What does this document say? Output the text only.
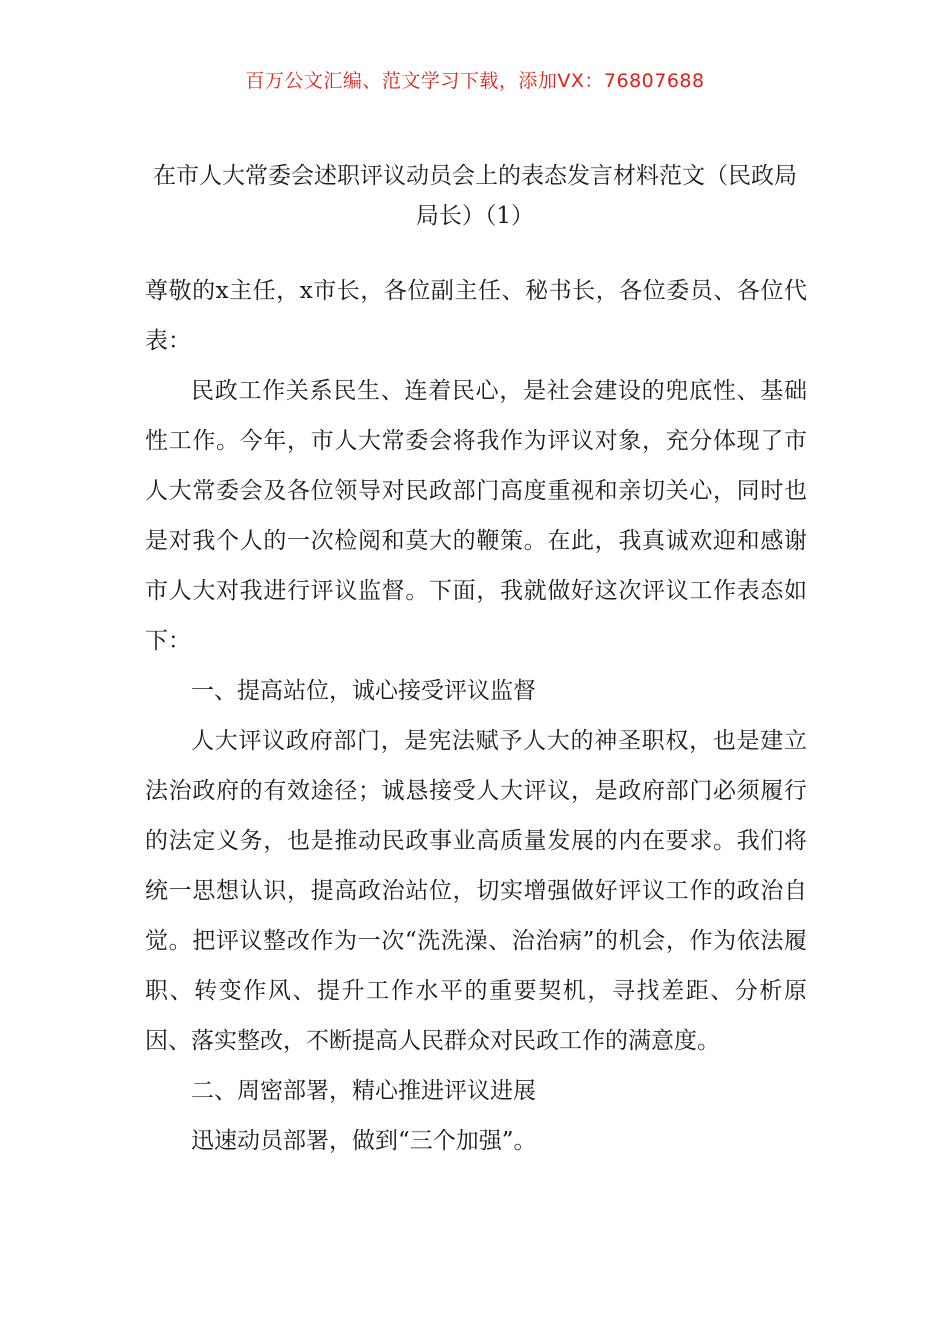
百万公文汇编、范文学习下载，添加VX：76807688
在市人大常委会述职评议动员会上的表态发言材料范文（民政局局长）（1）

尊敬的x主任，x市长，各位副主任、秘书长，各位委员、各位代表：

民政工作关系民生、连着民心，是社会建设的兜底性、基础性工作。今年，市人大常委会将我作为评议对象，充分体现了市人大常委会及各位领导对民政部门高度重视和亲切关心，同时也是对我个人的一次检阅和莫大的鞭策。在此，我真诚欢迎和感谢市人大对我进行评议监督。下面，我就做好这次评议工作表态如下：

一、提高站位，诚心接受评议监督

人大评议政府部门，是宪法赋予人大的神圣职权，也是建立法治政府的有效途径；诚恳接受人大评议，是政府部门必须履行的法定义务，也是推动民政事业高质量发展的内在要求。我们将统一思想认识，提高政治站位，切实增强做好评议工作的政治自觉。把评议整改作为一次“洗洗澡、治治病”的机会，作为依法履职、转变作风、提升工作水平的重要契机，寻找差距、分析原因、落实整改，不断提高人民群众对民政工作的满意度。

二、周密部署，精心推进评议进展

迅速动员部署，做到“三个加强”。
